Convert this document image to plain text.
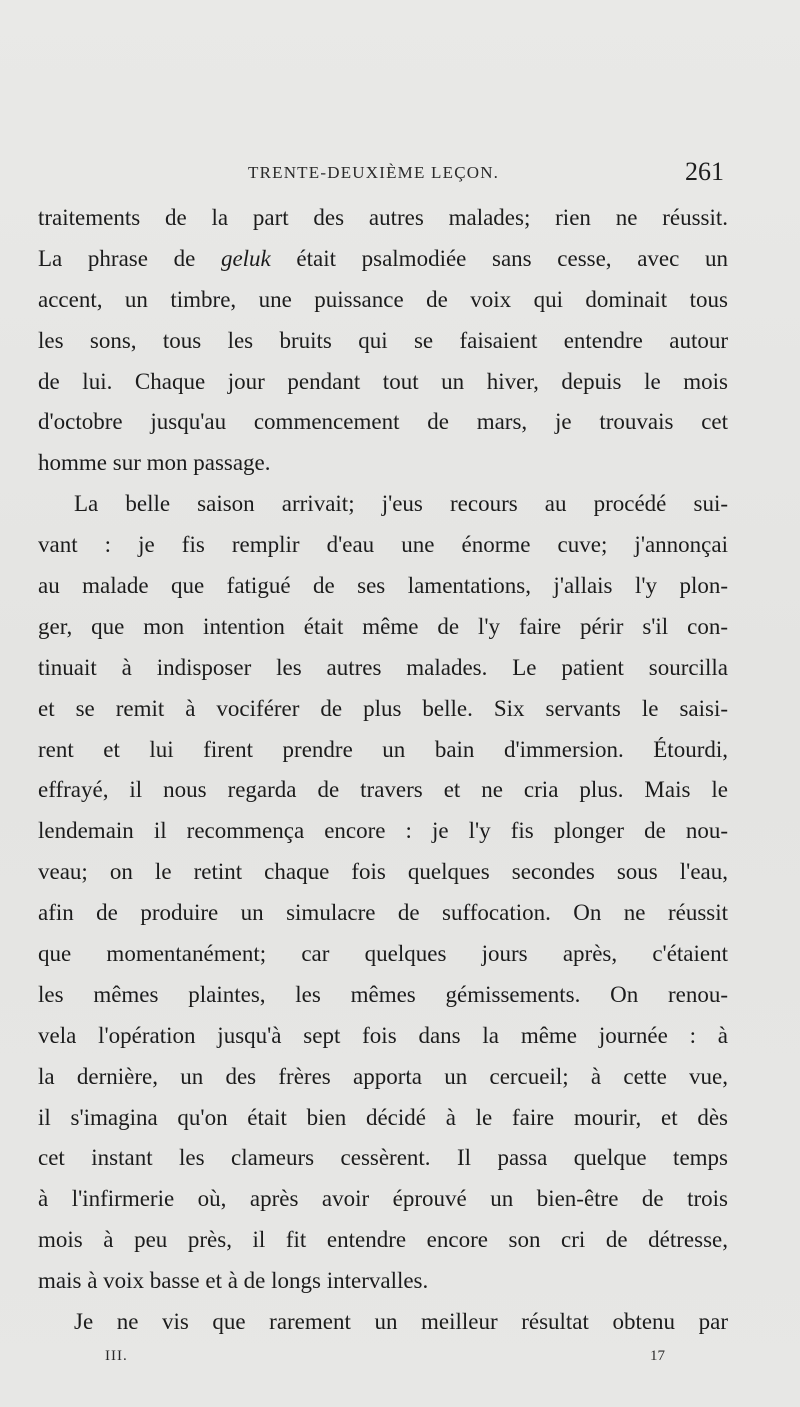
TRENTE-DEUXIÈME LEÇON.	261
traitements de la part des autres malades; rien ne réussit.
La phrase de geluk était psalmodiée sans cesse, avec un
accent, un timbre, une puissance de voix qui dominait tous
les sons, tous les bruits qui se faisaient entendre autour
de lui. Chaque jour pendant tout un hiver, depuis le mois
d'octobre jusqu'au commencement de mars, je trouvais cet
homme sur mon passage.
La belle saison arrivait; j'eus recours au procédé sui-
vant : je fis remplir d'eau une énorme cuve; j'annonçai
au malade que fatigué de ses lamentations, j'allais l'y plon-
ger, que mon intention était même de l'y faire périr s'il con-
tinuait à indisposer les autres malades. Le patient sourcilla
et se remit à vociférer de plus belle. Six servants le saisi-
rent et lui firent prendre un bain d'immersion. Étourdi,
effrayé, il nous regarda de travers et ne cria plus. Mais le
lendemain il recommença encore : je l'y fis plonger de nou-
veau; on le retint chaque fois quelques secondes sous l'eau,
afin de produire un simulacre de suffocation. On ne réussit
que momentanément; car quelques jours après, c'étaient
les mêmes plaintes, les mêmes gémissements. On renou-
vela l'opération jusqu'à sept fois dans la même journée : à
la dernière, un des frères apporta un cercueil; à cette vue,
il s'imagina qu'on était bien décidé à le faire mourir, et dès
cet instant les clameurs cessèrent. Il passa quelque temps
à l'infirmerie où, après avoir éprouvé un bien-être de trois
mois à peu près, il fit entendre encore son cri de détresse,
mais à voix basse et à de longs intervalles.
Je ne vis que rarement un meilleur résultat obtenu par
III.	17
